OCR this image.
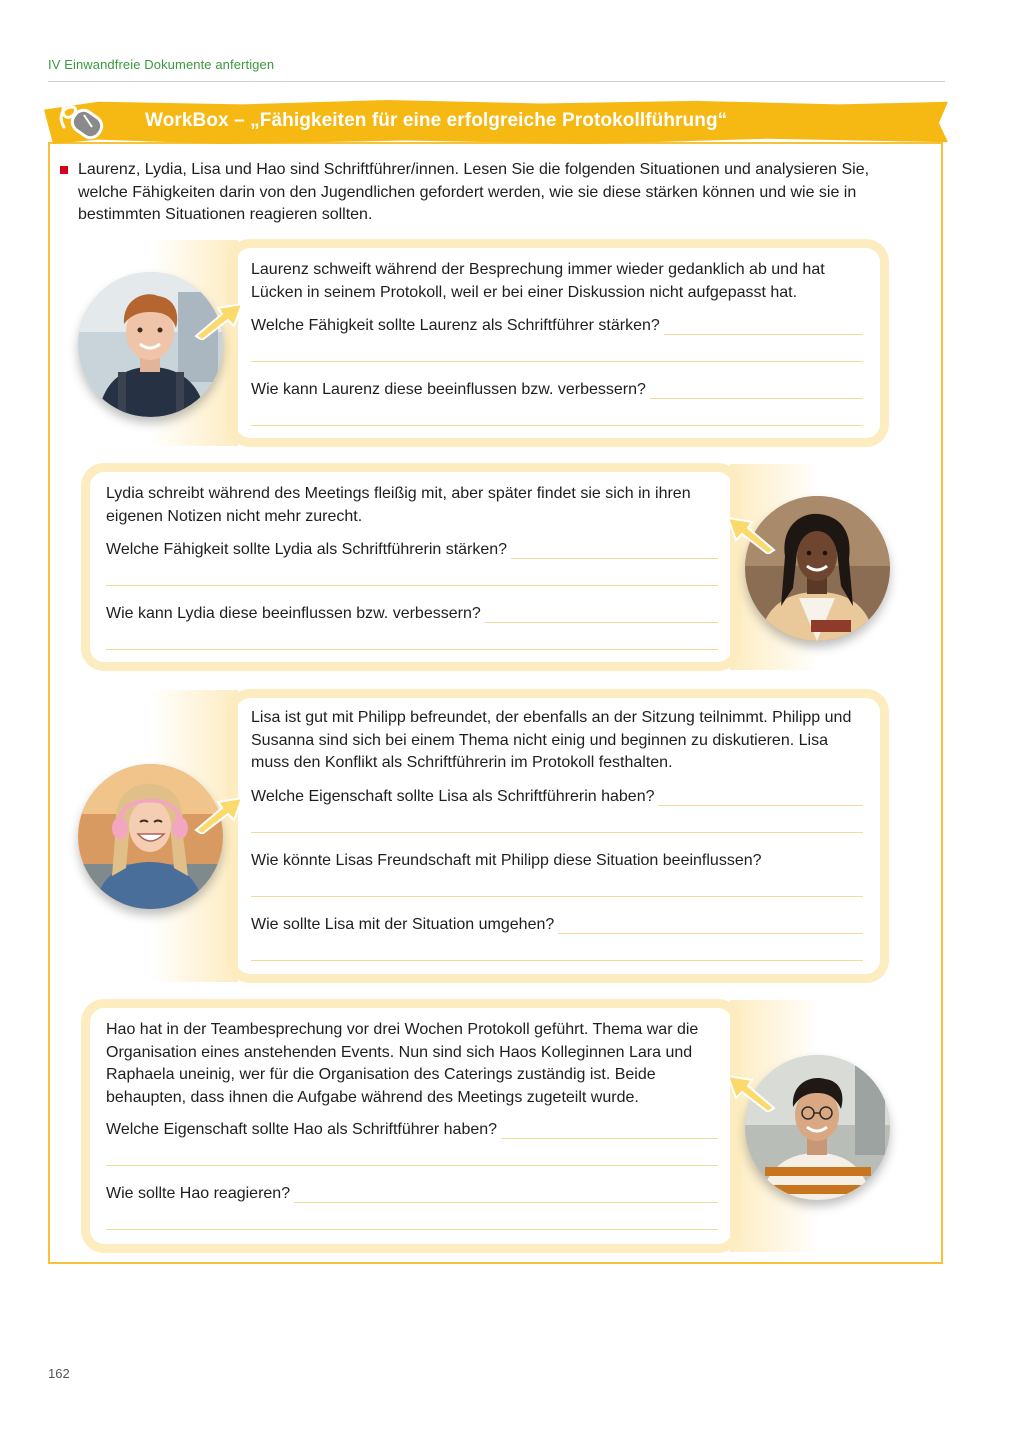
IV Einwandfreie Dokumente anfertigen
WorkBox – „Fähigkeiten für eine erfolgreiche Protokollführung“
Laurenz, Lydia, Lisa und Hao sind Schriftführer/innen. Lesen Sie die folgenden Situationen und analysieren Sie, welche Fähigkeiten darin von den Jugendlichen gefordert werden, wie sie diese stärken können und wie sie in bestimmten Situationen reagieren sollten.
Laurenz schweift während der Besprechung immer wieder gedanklich ab und hat Lücken in seinem Protokoll, weil er bei einer Diskussion nicht aufgepasst hat.
Welche Fähigkeit sollte Laurenz als Schriftführer stärken?
Wie kann Laurenz diese beeinflussen bzw. verbessern?
Lydia schreibt während des Meetings fleißig mit, aber später findet sie sich in ihren eigenen Notizen nicht mehr zurecht.
Welche Fähigkeit sollte Lydia als Schriftführerin stärken?
Wie kann Lydia diese beeinflussen bzw. verbessern?
Lisa ist gut mit Philipp befreundet, der ebenfalls an der Sitzung teilnimmt. Philipp und Susanna sind sich bei einem Thema nicht einig und beginnen zu diskutieren. Lisa muss den Konflikt als Schriftführerin im Protokoll festhalten.
Welche Eigenschaft sollte Lisa als Schriftführerin haben?
Wie könnte Lisas Freundschaft mit Philipp diese Situation beeinflussen?
Wie sollte Lisa mit der Situation umgehen?
Hao hat in der Teambesprechung vor drei Wochen Protokoll geführt. Thema war die Organisation eines anstehenden Events. Nun sind sich Haos Kolleginnen Lara und Raphaela uneinig, wer für die Organisation des Caterings zuständig ist. Beide behaupten, dass ihnen die Aufgabe während des Meetings zugeteilt wurde.
Welche Eigenschaft sollte Hao als Schriftführer haben?
Wie sollte Hao reagieren?
162
